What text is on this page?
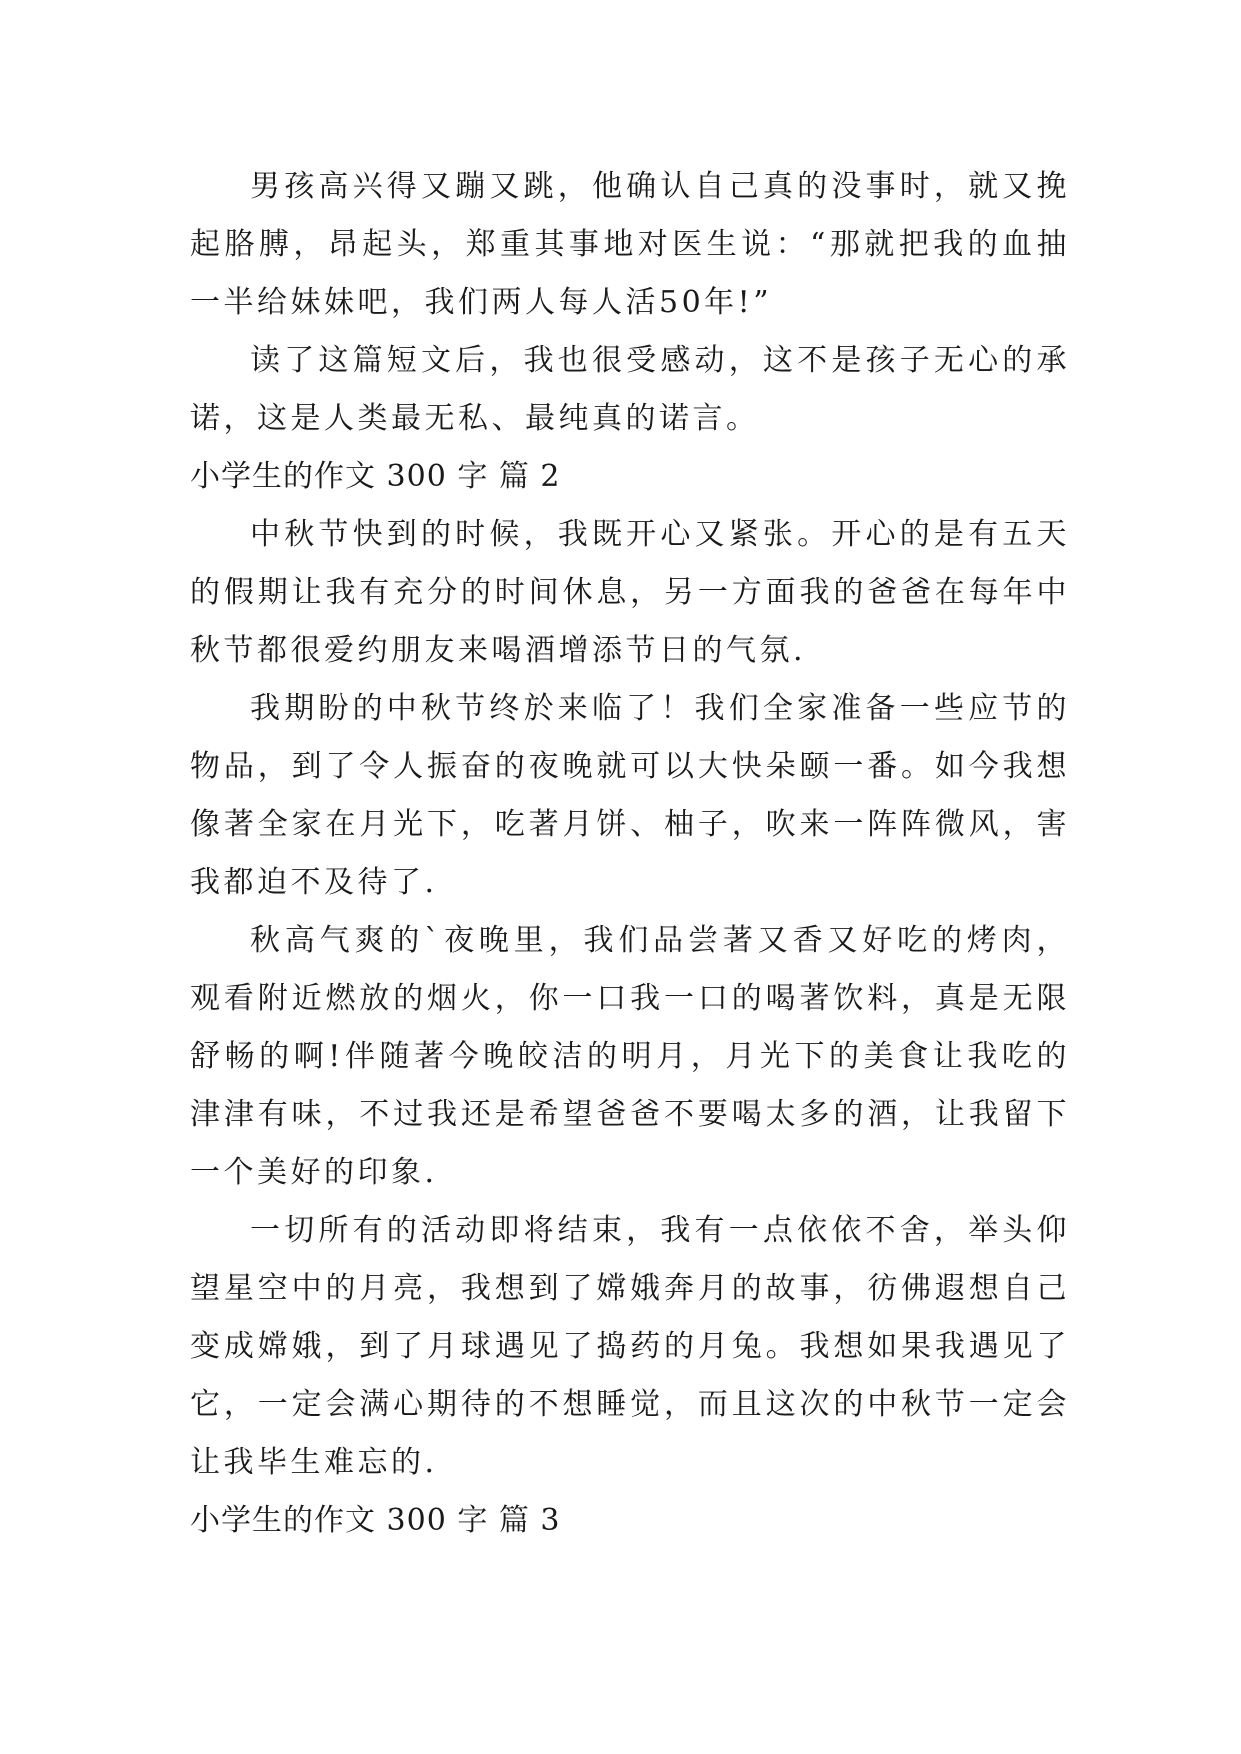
男孩高兴得又蹦又跳，他确认自己真的没事时，就又挽起胳膊，昂起头，郑重其事地对医生说：“那就把我的血抽一半给妹妹吧，我们两人每人活50年!”

读了这篇短文后，我也很受感动，这不是孩子无心的承诺，这是人类最无私、最纯真的诺言。

小学生的作文 300 字 篇 2

中秋节快到的时候，我既开心又紧张。开心的是有五天的假期让我有充分的时间休息，另一方面我的爸爸在每年中秋节都很爱约朋友来喝酒增添节日的气氛.

我期盼的中秋节终於来临了！我们全家准备一些应节的物品，到了令人振奋的夜晚就可以大快朵颐一番。如今我想像著全家在月光下，吃著月饼、柚子，吹来一阵阵微风，害我都迫不及待了.

秋高气爽的`夜晚里，我们品尝著又香又好吃的烤肉，观看附近燃放的烟火，你一口我一口的喝著饮料，真是无限舒畅的啊!伴随著今晚皎洁的明月，月光下的美食让我吃的津津有味，不过我还是希望爸爸不要喝太多的酒，让我留下一个美好的印象.

一切所有的活动即将结束，我有一点依依不舍，举头仰望星空中的月亮，我想到了嫦娥奔月的故事，彷佛遐想自己变成嫦娥，到了月球遇见了捣药的月兔。我想如果我遇见了它，一定会满心期待的不想睡觉，而且这次的中秋节一定会让我毕生难忘的.

小学生的作文 300 字 篇 3
